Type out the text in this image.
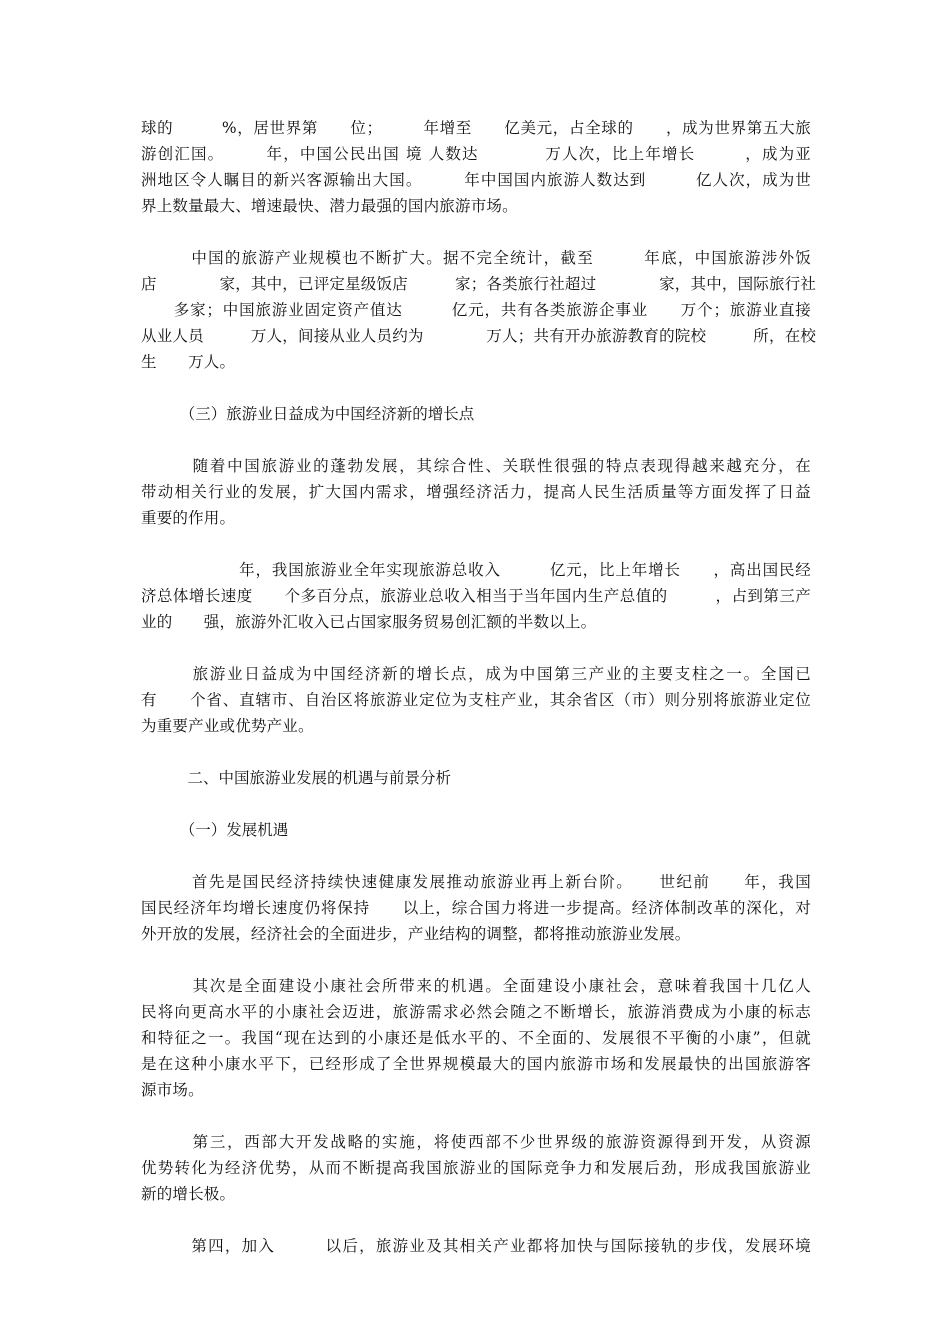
球的　　　%，居世界第　　位；　　　年增至　　亿美元，占全球的　　，成为世界第五大旅
游创汇国。　　　年，中国公民出国 境 人数达　　　　万人次，比上年增长　　　，成为亚
洲地区令人瞩目的新兴客源输出大国。　　　年中国国内旅游人数达到　　　亿人次，成为世
界上数量最大、增速最快、潜力最强的国内旅游市场。
　　　中国的旅游产业规模也不断扩大。据不完全统计，截至　　　年底，中国旅游涉外饭
店　　　　家，其中，已评定星级饭店　　　家；各类旅行社超过　　　　家，其中，国际旅行社
　　多家；中国旅游业固定资产值达　　　亿元，共有各类旅游企事业　　万个；旅游业直接
从业人员　　　万人，间接从业人员约为　　　　万人；共有开办旅游教育的院校　　　所，在校
生　　万人。
　　　（三）旅游业日益成为中国经济新的增长点
　　　随着中国旅游业的蓬勃发展，其综合性、关联性很强的特点表现得越来越充分，在
带动相关行业的发展，扩大国内需求，增强经济活力，提高人民生活质量等方面发挥了日益
重要的作用。
　　　　　　年，我国旅游业全年实现旅游总收入　　　亿元，比上年增长　　，高出国民经
济总体增长速度　　个多百分点，旅游业总收入相当于当年国内生产总值的　　　，占到第三产
业的　　强，旅游外汇收入已占国家服务贸易创汇额的半数以上。
　　　旅游业日益成为中国经济新的增长点，成为中国第三产业的主要支柱之一。全国已
有　　个省、直辖市、自治区将旅游业定位为支柱产业，其余省区（市）则分别将旅游业定位
为重要产业或优势产业。
　　　二、中国旅游业发展的机遇与前景分析
　　　（一）发展机遇
　　　首先是国民经济持续快速健康发展推动旅游业再上新台阶。　　世纪前　　年，我国
国民经济年均增长速度仍将保持　　以上，综合国力将进一步提高。经济体制改革的深化，对
外开放的发展，经济社会的全面进步，产业结构的调整，都将推动旅游业发展。
　　　其次是全面建设小康社会所带来的机遇。全面建设小康社会，意味着我国十几亿人
民将向更高水平的小康社会迈进，旅游需求必然会随之不断增长，旅游消费成为小康的标志
和特征之一。我国“现在达到的小康还是低水平的、不全面的、发展很不平衡的小康”，但就
是在这种小康水平下，已经形成了全世界规模最大的国内旅游市场和发展最快的出国旅游客
源市场。
　　　第三，西部大开发战略的实施，将使西部不少世界级的旅游资源得到开发，从资源
优势转化为经济优势，从而不断提高我国旅游业的国际竞争力和发展后劲，形成我国旅游业
新的增长极。
　　　第四，加入　　　以后，旅游业及其相关产业都将加快与国际接轨的步伐，发展环境
